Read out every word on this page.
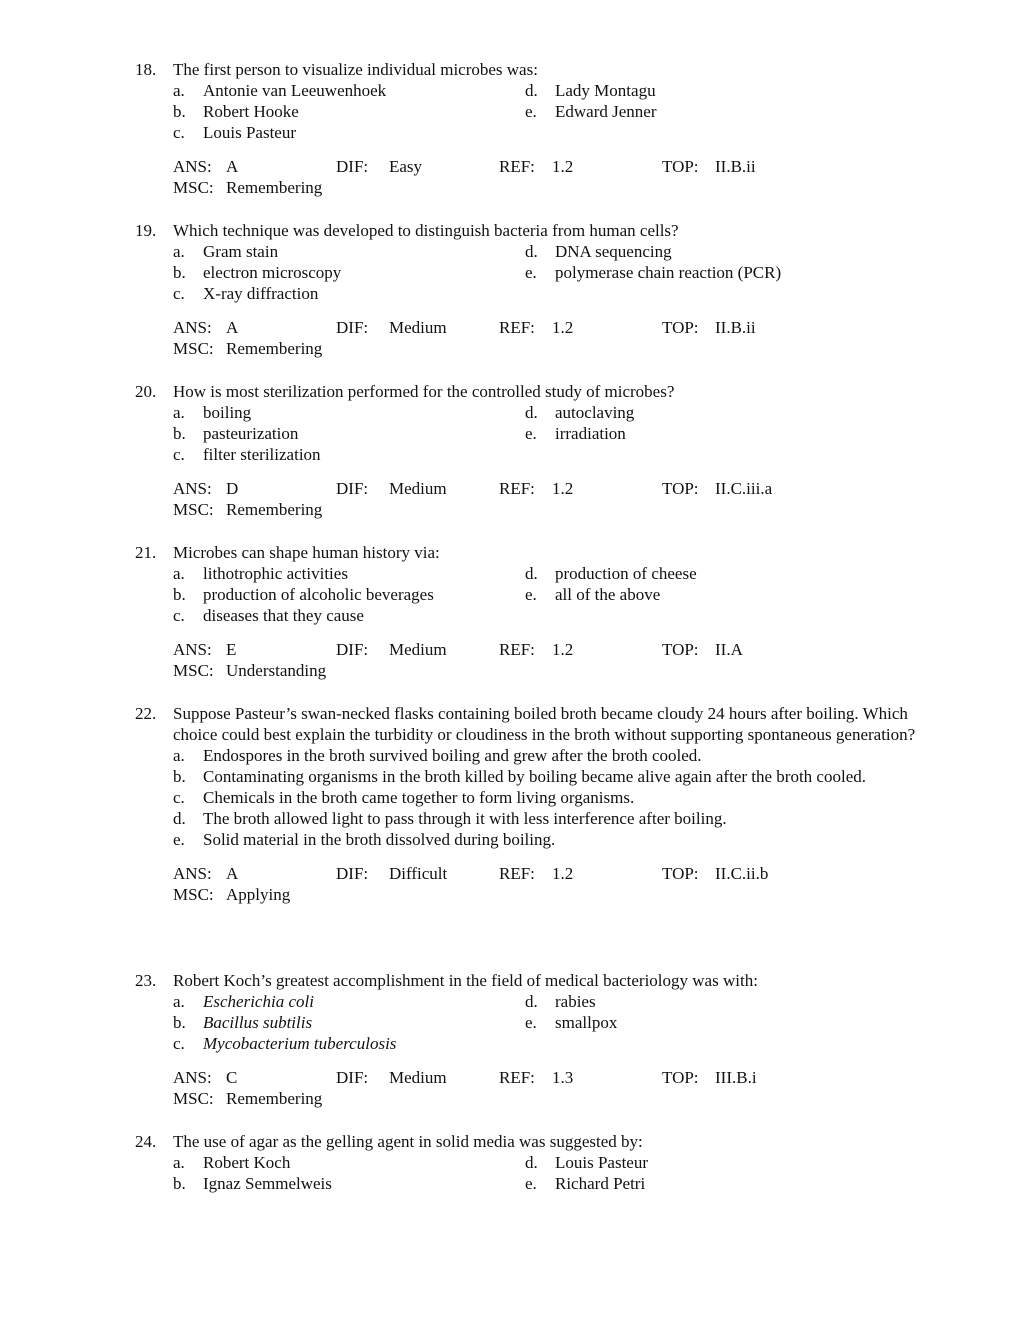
18. The first person to visualize individual microbes was:
a. Antonie van Leeuwenhoek
b. Robert Hooke
c. Louis Pasteur
d. Lady Montagu
e. Edward Jenner
ANS: A	DIF: Easy	REF: 1.2	TOP: II.B.ii
MSC: Remembering
19. Which technique was developed to distinguish bacteria from human cells?
a. Gram stain
b. electron microscopy
c. X-ray diffraction
d. DNA sequencing
e. polymerase chain reaction (PCR)
ANS: A	DIF: Medium	REF: 1.2	TOP: II.B.ii
MSC: Remembering
20. How is most sterilization performed for the controlled study of microbes?
a. boiling
b. pasteurization
c. filter sterilization
d. autoclaving
e. irradiation
ANS: D	DIF: Medium	REF: 1.2	TOP: II.C.iii.a
MSC: Remembering
21. Microbes can shape human history via:
a. lithotrophic activities
b. production of alcoholic beverages
c. diseases that they cause
d. production of cheese
e. all of the above
ANS: E	DIF: Medium	REF: 1.2	TOP: II.A
MSC: Understanding
22. Suppose Pasteur’s swan-necked flasks containing boiled broth became cloudy 24 hours after boiling. Which choice could best explain the turbidity or cloudiness in the broth without supporting spontaneous generation?
a. Endospores in the broth survived boiling and grew after the broth cooled.
b. Contaminating organisms in the broth killed by boiling became alive again after the broth cooled.
c. Chemicals in the broth came together to form living organisms.
d. The broth allowed light to pass through it with less interference after boiling.
e. Solid material in the broth dissolved during boiling.
ANS: A	DIF: Difficult	REF: 1.2	TOP: II.C.ii.b
MSC: Applying
23. Robert Koch’s greatest accomplishment in the field of medical bacteriology was with:
a. Escherichia coli
b. Bacillus subtilis
c. Mycobacterium tuberculosis
d. rabies
e. smallpox
ANS: C	DIF: Medium	REF: 1.3	TOP: III.B.i
MSC: Remembering
24. The use of agar as the gelling agent in solid media was suggested by:
a. Robert Koch
b. Ignaz Semmelweis
d. Louis Pasteur
e. Richard Petri
